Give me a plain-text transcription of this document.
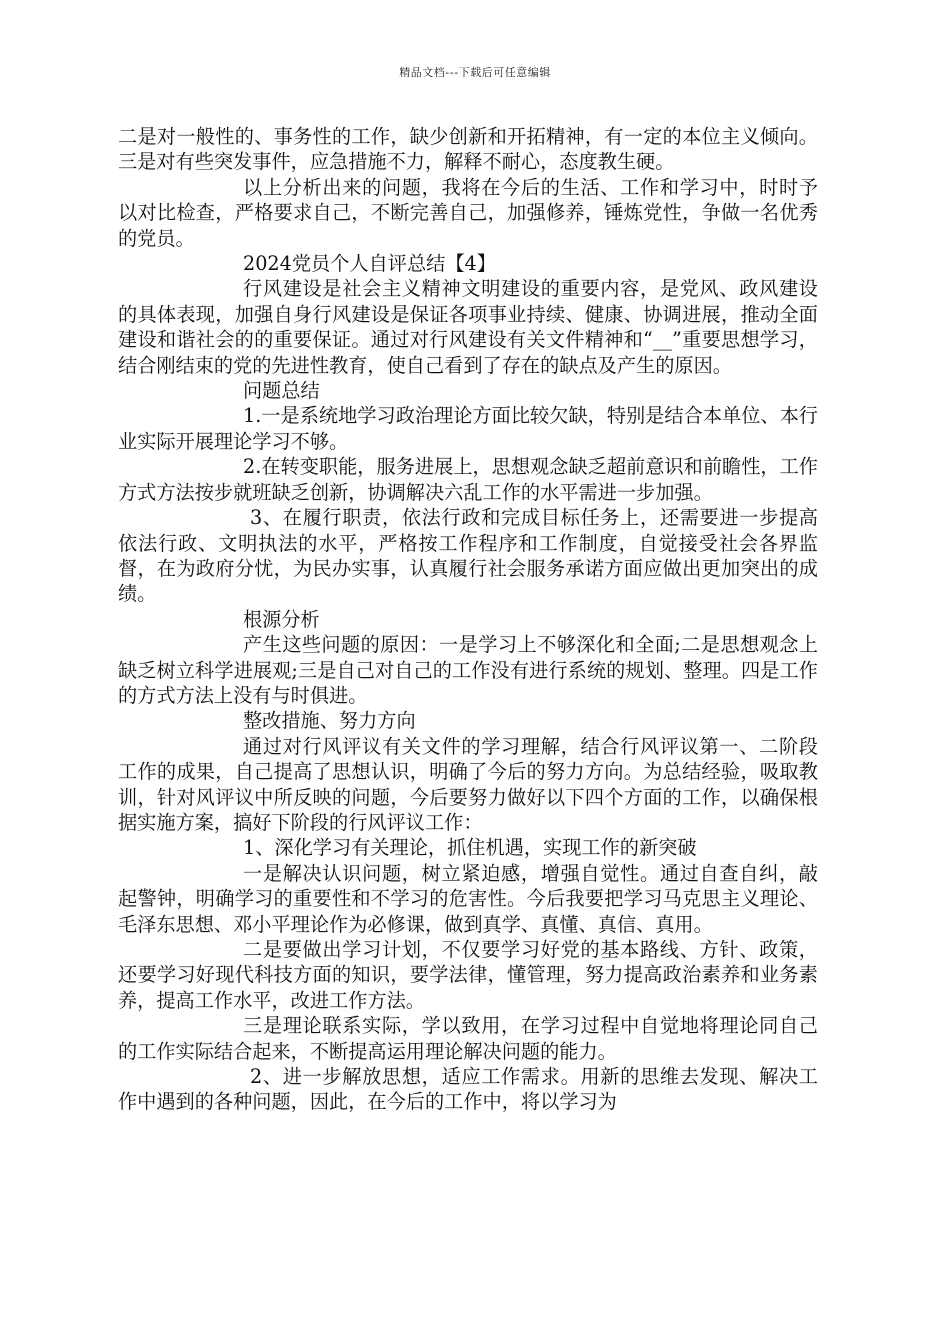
精品文档---下载后可任意编辑

二是对一般性的、事务性的工作，缺少创新和开拓精神，有一定的本位主义倾向。三是对有些突发事件，应急措施不力，解释不耐心，态度教生硬。

以上分析出来的问题，我将在今后的生活、工作和学习中，时时予以对比检查，严格要求自己，不断完善自己，加强修养，锤炼党性，争做一名优秀的党员。

2024党员个人自评总结【4】

行风建设是社会主义精神文明建设的重要内容，是党风、政风建设的具体表现，加强自身行风建设是保证各项事业持续、健康、协调进展，推动全面建设和谐社会的的重要保证。通过对行风建设有关文件精神和“__”重要思想学习，结合刚结束的党的先进性教育，使自己看到了存在的缺点及产生的原因。

问题总结

1.一是系统地学习政治理论方面比较欠缺，特别是结合本单位、本行业实际开展理论学习不够。

2.在转变职能，服务进展上，思想观念缺乏超前意识和前瞻性，工作方式方法按步就班缺乏创新，协调解决六乱工作的水平需进一步加强。

3、在履行职责，依法行政和完成目标任务上，还需要进一步提高依法行政、文明执法的水平，严格按工作程序和工作制度，自觉接受社会各界监督，在为政府分忧，为民办实事，认真履行社会服务承诺方面应做出更加突出的成绩。

根源分析

产生这些问题的原因：一是学习上不够深化和全面;二是思想观念上缺乏树立科学进展观;三是自己对自己的工作没有进行系统的规划、整理。四是工作的方式方法上没有与时俱进。

整改措施、努力方向

通过对行风评议有关文件的学习理解，结合行风评议第一、二阶段工作的成果，自己提高了思想认识，明确了今后的努力方向。为总结经验，吸取教训，针对风评议中所反映的问题，今后要努力做好以下四个方面的工作，以确保根据实施方案，搞好下阶段的行风评议工作：

1、深化学习有关理论，抓住机遇，实现工作的新突破

一是解决认识问题，树立紧迫感，增强自觉性。通过自查自纠，敲起警钟，明确学习的重要性和不学习的危害性。今后我要把学习马克思主义理论、毛泽东思想、邓小平理论作为必修课，做到真学、真懂、真信、真用。

二是要做出学习计划，不仅要学习好党的基本路线、方针、政策，还要学习好现代科技方面的知识，要学法律，懂管理，努力提高政治素养和业务素养，提高工作水平，改进工作方法。

三是理论联系实际，学以致用，在学习过程中自觉地将理论同自己的工作实际结合起来，不断提高运用理论解决问题的能力。

2、进一步解放思想，适应工作需求。用新的思维去发现、解决工作中遇到的各种问题，因此，在今后的工作中，将以学习为
